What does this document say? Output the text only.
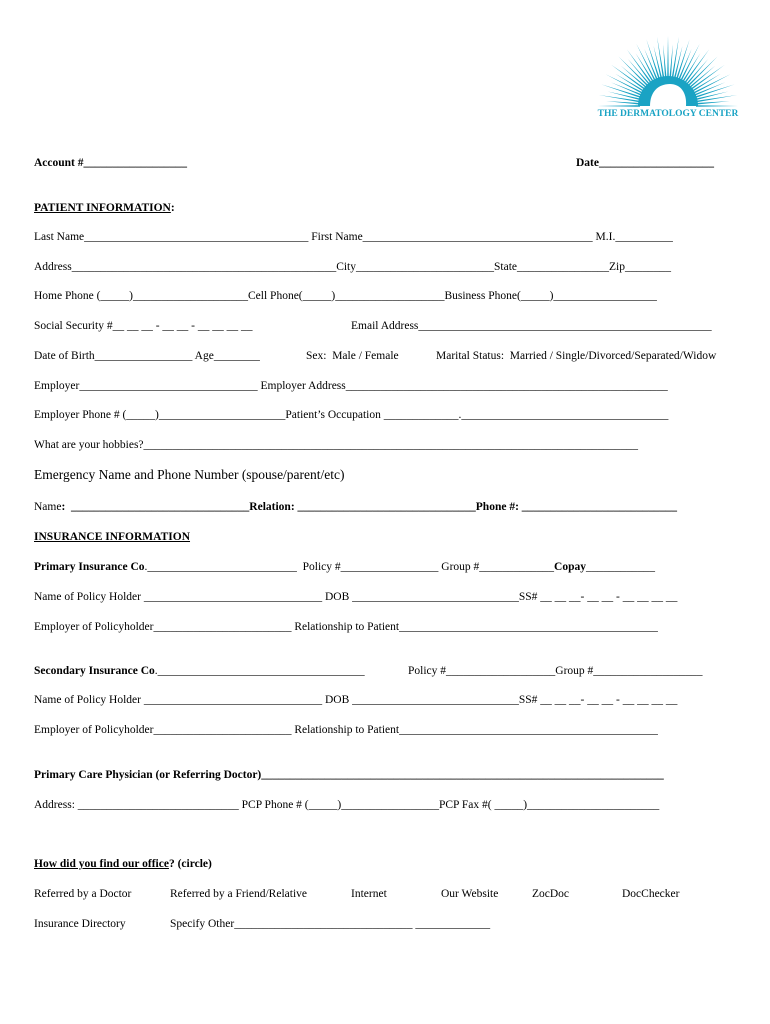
THE DERMATOLOGY CENTER
Account #__________________	Date____________________
PATIENT INFORMATION:
Last Name_______________________________________ First Name________________________________________ M.I.__________
Address______________________________________________City________________________State________________Zip________
Home Phone (_____)____________________Cell Phone(_____)___________________Business Phone(_____)__________________
Social Security #__ __ __ - __ __ - __ __ __ __	Email Address___________________________________________________
Date of Birth_________________ Age________	Sex:  Male / Female	Marital Status:  Married / Single/Divorced/Separated/Widow
Employer_______________________________ Employer Address________________________________________________________
Employer Phone # (_____)______________________Patient’s Occupation _____________.____________________________________
What are your hobbies?______________________________________________________________________________________
Emergency Name and Phone Number (spouse/parent/etc)
Name:  _______________________________Relation: _______________________________Phone #: ___________________________
INSURANCE INFORMATION
Primary Insurance Co.__________________________  Policy #_________________ Group #_____________Copay____________
Name of Policy Holder _______________________________ DOB _____________________________SS# __ __ __- __ __ - __ __ __ __
Employer of Policyholder________________________ Relationship to Patient_____________________________________________
Secondary Insurance Co.____________________________________	Policy #___________________Group #___________________
Name of Policy Holder _______________________________ DOB _____________________________SS# __ __ __- __ __ - __ __ __ __
Employer of Policyholder________________________ Relationship to Patient_____________________________________________
Primary Care Physician (or Referring Doctor)______________________________________________________________________
Address: ____________________________ PCP Phone # (_____)_________________PCP Fax #( _____)_______________________
How did you find our office? (circle)
Referred by a Doctor	Referred by a Friend/Relative	Internet	Our Website	ZocDoc	DocChecker
Insurance Directory	Specify Other_______________________________ _____________
